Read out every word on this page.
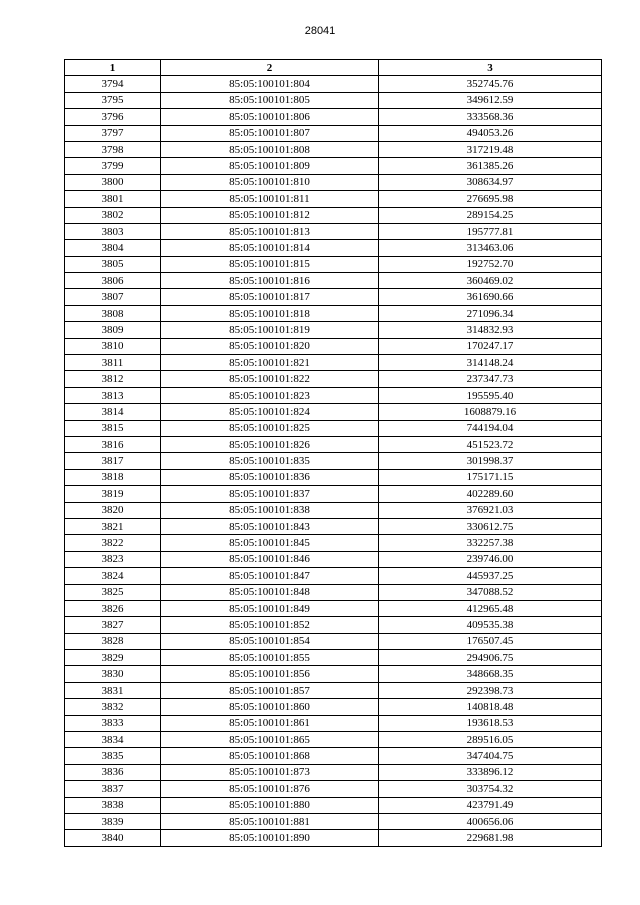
28041
1	2	3
3794	85:05:100101:804	352745.76
3795	85:05:100101:805	349612.59
3796	85:05:100101:806	333568.36
3797	85:05:100101:807	494053.26
3798	85:05:100101:808	317219.48
3799	85:05:100101:809	361385.26
3800	85:05:100101:810	308634.97
3801	85:05:100101:811	276695.98
3802	85:05:100101:812	289154.25
3803	85:05:100101:813	195777.81
3804	85:05:100101:814	313463.06
3805	85:05:100101:815	192752.70
3806	85:05:100101:816	360469.02
3807	85:05:100101:817	361690.66
3808	85:05:100101:818	271096.34
3809	85:05:100101:819	314832.93
3810	85:05:100101:820	170247.17
3811	85:05:100101:821	314148.24
3812	85:05:100101:822	237347.73
3813	85:05:100101:823	195595.40
3814	85:05:100101:824	1608879.16
3815	85:05:100101:825	744194.04
3816	85:05:100101:826	451523.72
3817	85:05:100101:835	301998.37
3818	85:05:100101:836	175171.15
3819	85:05:100101:837	402289.60
3820	85:05:100101:838	376921.03
3821	85:05:100101:843	330612.75
3822	85:05:100101:845	332257.38
3823	85:05:100101:846	239746.00
3824	85:05:100101:847	445937.25
3825	85:05:100101:848	347088.52
3826	85:05:100101:849	412965.48
3827	85:05:100101:852	409535.38
3828	85:05:100101:854	176507.45
3829	85:05:100101:855	294906.75
3830	85:05:100101:856	348668.35
3831	85:05:100101:857	292398.73
3832	85:05:100101:860	140818.48
3833	85:05:100101:861	193618.53
3834	85:05:100101:865	289516.05
3835	85:05:100101:868	347404.75
3836	85:05:100101:873	333896.12
3837	85:05:100101:876	303754.32
3838	85:05:100101:880	423791.49
3839	85:05:100101:881	400656.06
3840	85:05:100101:890	229681.98
